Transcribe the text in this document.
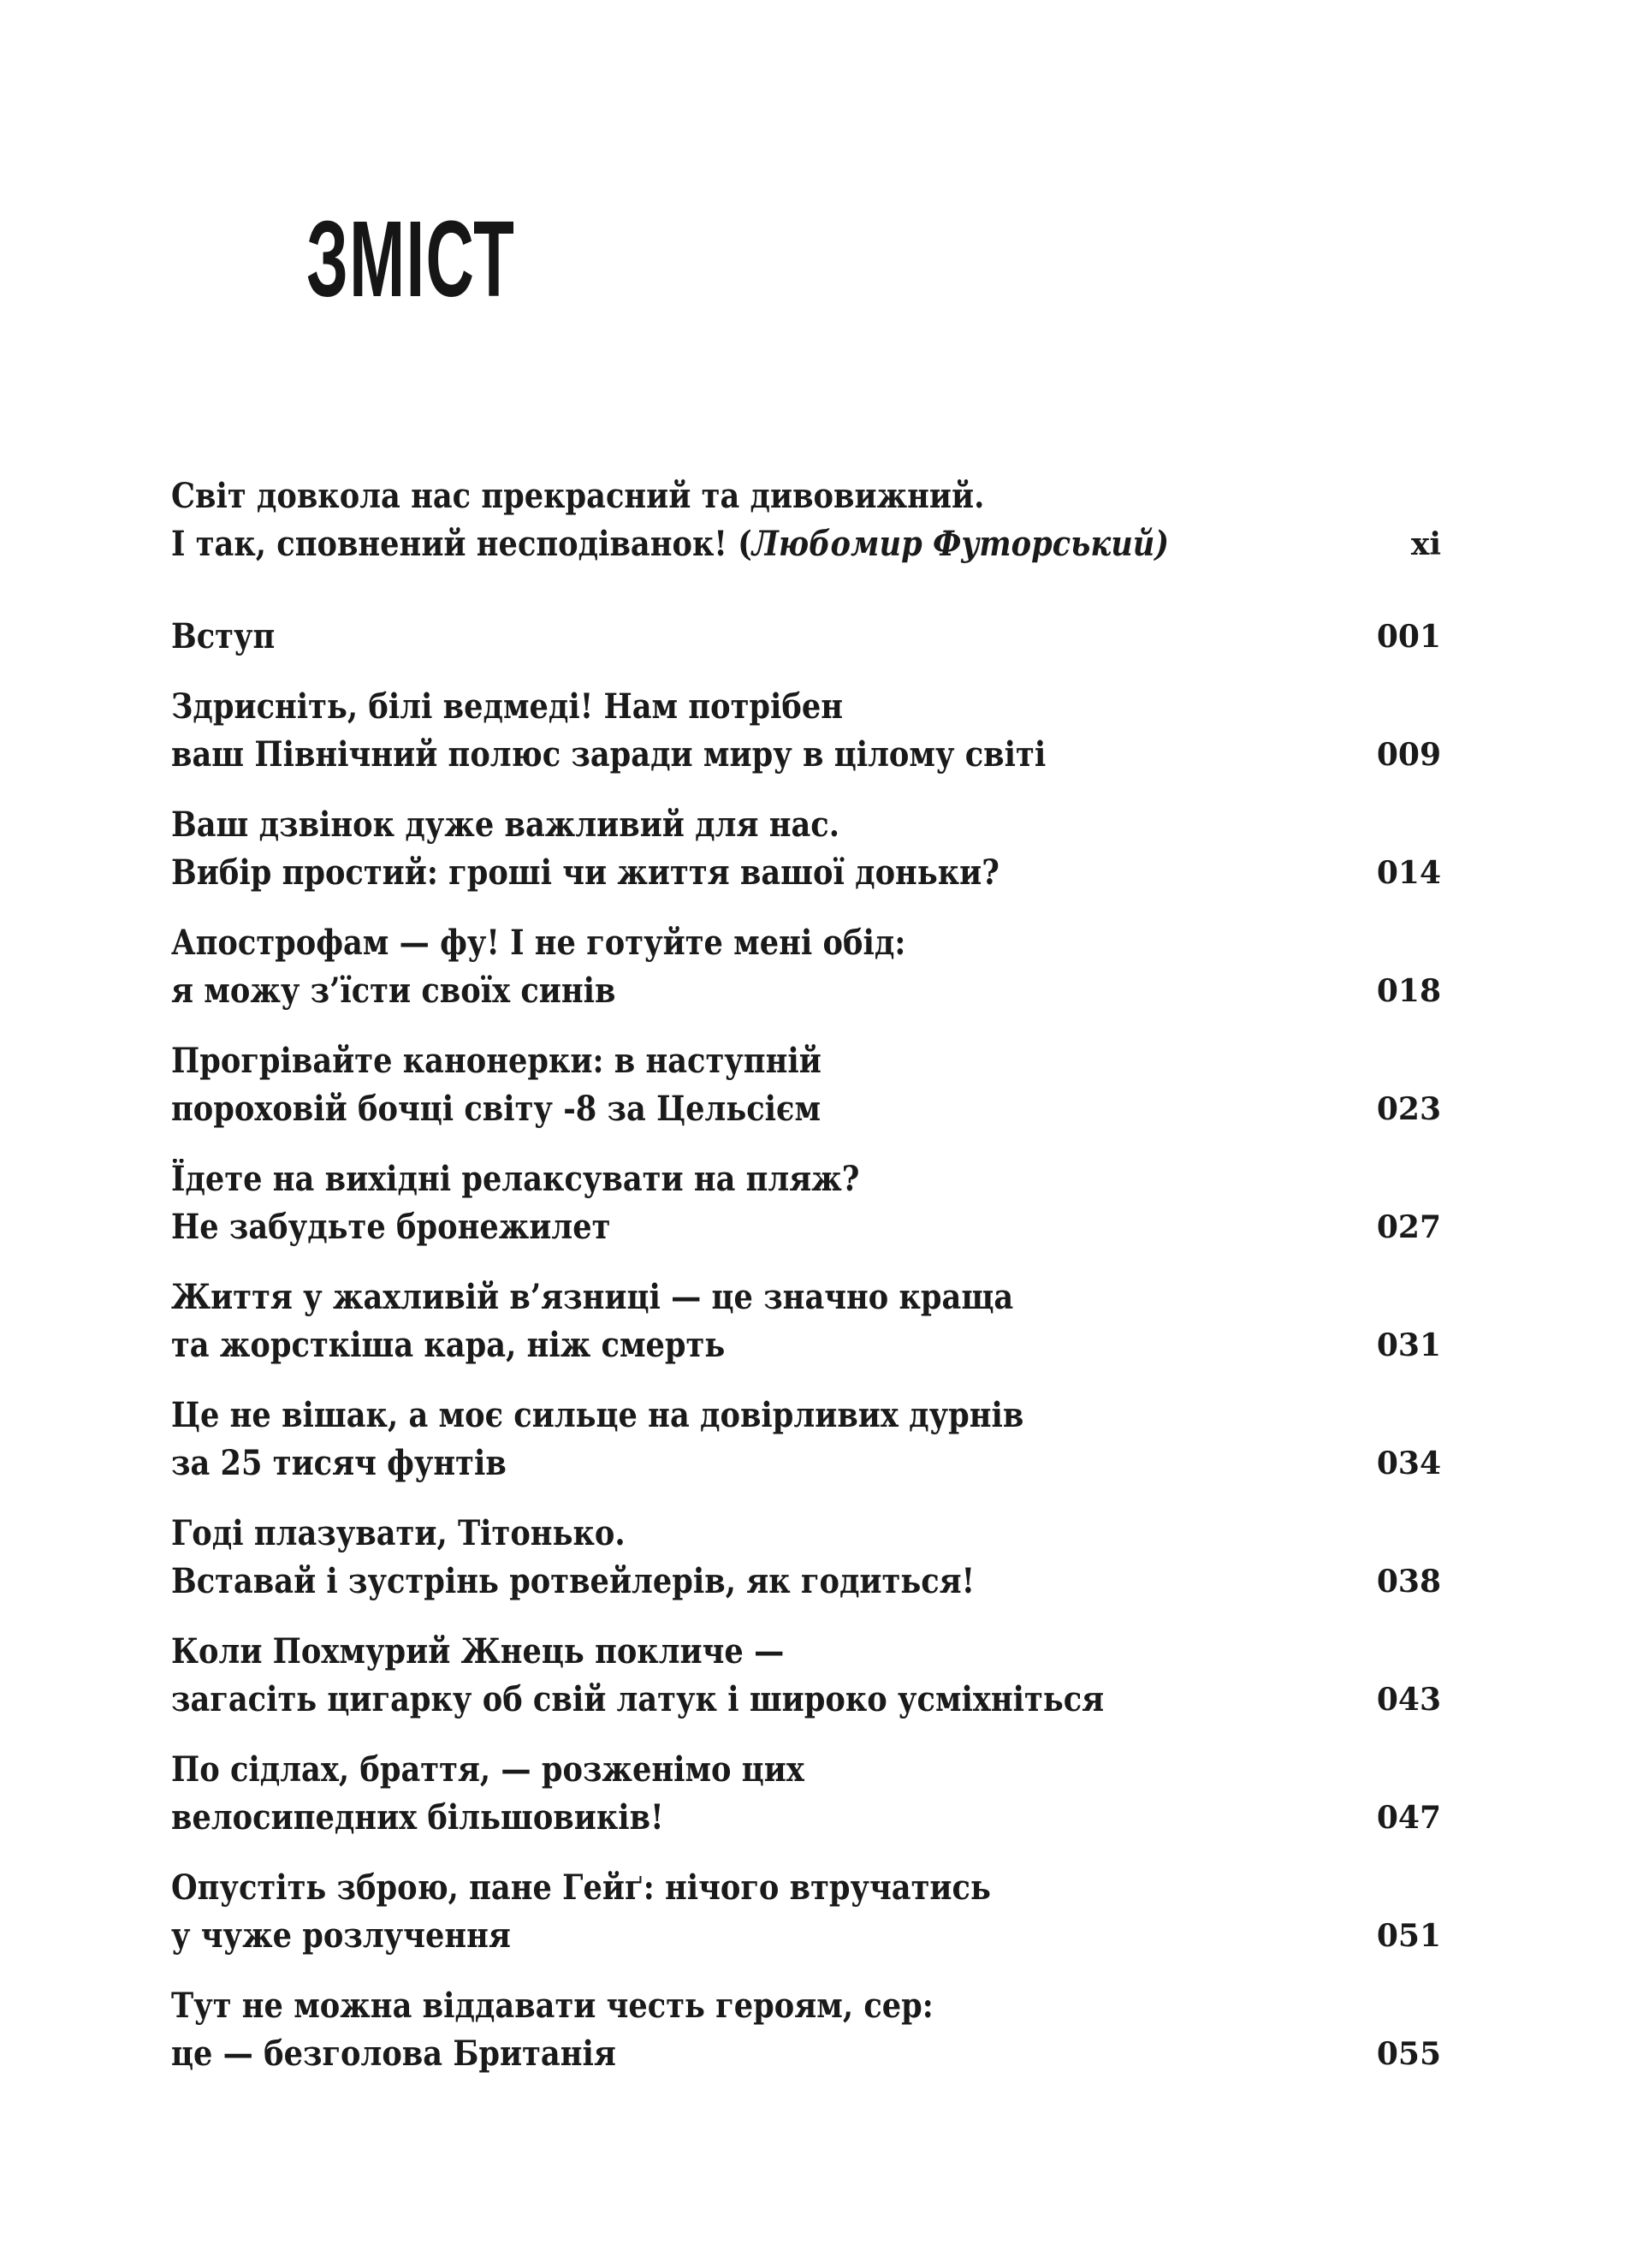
ЗМІСТ
Світ довкола нас прекрасний та дивовижний.
І так, сповнений несподіванок! (Любомир Футорський)	xi
Вступ	001
Здрисніть, білі ведмеді! Нам потрібен
ваш Північний полюс заради миру в цілому світі	009
Ваш дзвінок дуже важливий для нас.
Вибір простий: гроші чи життя вашої доньки?	014
Апострофам — фу! І не готуйте мені обід:
я можу з’їсти своїх синів	018
Прогрівайте канонерки: в наступній
пороховій бочці світу -8 за Цельсієм	023
Їдете на вихідні релаксувати на пляж?
Не забудьте бронежилет	027
Життя у жахливій в’язниці — це значно краща
та жорсткіша кара, ніж смерть	031
Це не вішак, а моє сильце на довірливих дурнів
за 25 тисяч фунтів	034
Годі плазувати, Тітонько.
Вставай і зустрінь ротвейлерів, як годиться!	038
Коли Похмурий Жнець покличе —
загасіть цигарку об свій латук і широко усміхніться	043
По сідлах, браття, — розженімо цих
велосипедних більшовиків!	047
Опустіть зброю, пане Гейґ: нічого втручатись
у чуже розлучення	051
Тут не можна віддавати честь героям, сер:
це — безголова Британія	055
